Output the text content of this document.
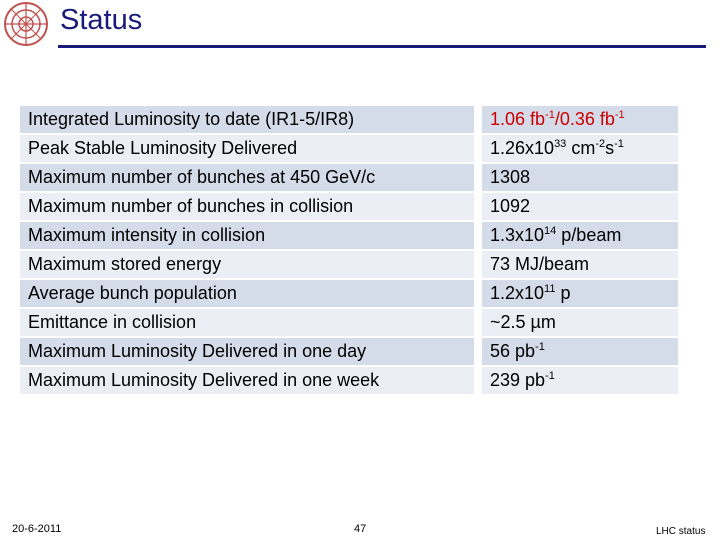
Status
Integrated Luminosity to date (IR1-5/IR8)	1.06 $fb^{-1}/0.36$ $fb^{-1}$
Peak Stable Luminosity Delivered	$1.26x10^{33}$ $cm^{-2}s^{-1}$
Maximum number of bunches at 450 GeV/c	1308
Maximum number of bunches in collision	1092
Maximum intensity in collision	$1.3x10^{14}$ p/beam
Maximum stored energy	73 MJ/beam
Average bunch population	$1.2x10^{11}$ p
Emittance in collision	~2.5 µm
Maximum Luminosity Delivered in one day	56 $pb^{-1}$
Maximum Luminosity Delivered in one week	239 $pb^{-1}$
20-6-2011	47	LHC status
